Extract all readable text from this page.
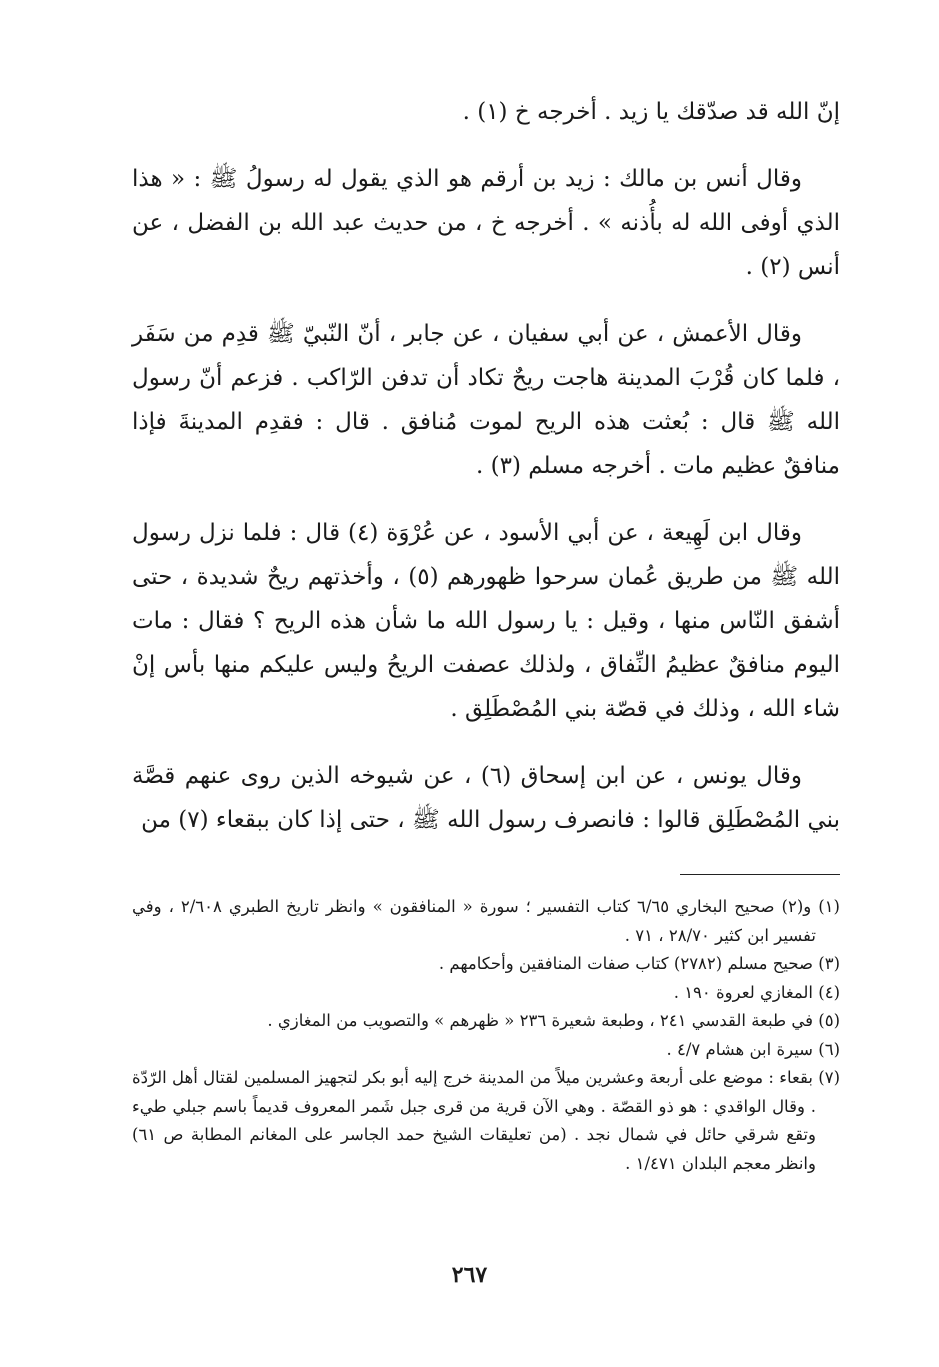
إنّ الله قد صدّقك يا زيد . أخرجه خ (١) .

وقال أنس بن مالك : زيد بن أرقم هو الذي يقول له رسولُ ﷺ : « هذا الذي أوفى الله له بأُذنه » . أخرجه خ ، من حديث عبد الله بن الفضل ، عن أنس (٢) .

وقال الأعمش ، عن أبي سفيان ، عن جابر ، أنّ النّبيّ ﷺ قدِم من سَفَر ، فلما كان قُرْبَ المدينة هاجت ريحٌ تكاد أن تدفن الرّاكب . فزعم أنّ رسول الله ﷺ قال : بُعثت هذه الريح لموت مُنافق . قال : فقدِم المدينةَ فإذا منافقٌ عظيم مات . أخرجه مسلم (٣) .

وقال ابن لَهِيعة ، عن أبي الأسود ، عن عُرْوَة (٤) قال : فلما نزل رسول الله ﷺ من طريق عُمان سرحوا ظهورهم (٥) ، وأخذتهم ريحٌ شديدة ، حتى أشفق النّاس منها ، وقيل : يا رسول الله ما شأن هذه الريح ؟ فقال : مات اليوم منافقٌ عظيمُ النِّفاق ، ولذلك عصفت الريحُ وليس عليكم منها بأس إنْ شاء الله ، وذلك في قصّة بني المُصْطَلِق .

وقال يونس ، عن ابن إسحاق (٦) ، عن شيوخه الذين روى عنهم قصَّة بني المُصْطَلِق قالوا : فانصرف رسول الله ﷺ ، حتى إذا كان ببقعاء (٧) من

(١) و(٢) صحيح البخاري ٦/٦٥ كتاب التفسير ؛ سورة « المنافقون » وانظر تاريخ الطبري ٢/٦٠٨ ، وفي تفسير ابن كثير ٢٨/٧٠ ، ٧١ .

(٣) صحيح مسلم (٢٧٨٢) كتاب صفات المنافقين وأحكامهم .

(٤) المغازي لعروة ١٩٠ .

(٥) في طبعة القدسي ٢٤١ ، وطبعة شعيرة ٢٣٦ « ظهرهم » والتصويب من المغازي .

(٦) سيرة ابن هشام ٤/٧ .

(٧) بقعاء : موضع على أربعة وعشرين ميلاً من المدينة خرج إليه أبو بكر لتجهيز المسلمين لقتال أهل الرّدّة . وقال الواقدي : هو ذو القصّة . وهي الآن قرية من قرى جبل شَمر المعروف قديماً باسم جبلي طيء وتقع شرقي حائل في شمال نجد . (من تعليقات الشيخ حمد الجاسر على المغانم المطابة ص ٦١) وانظر معجم البلدان ١/٤٧١ .

٢٦٧
